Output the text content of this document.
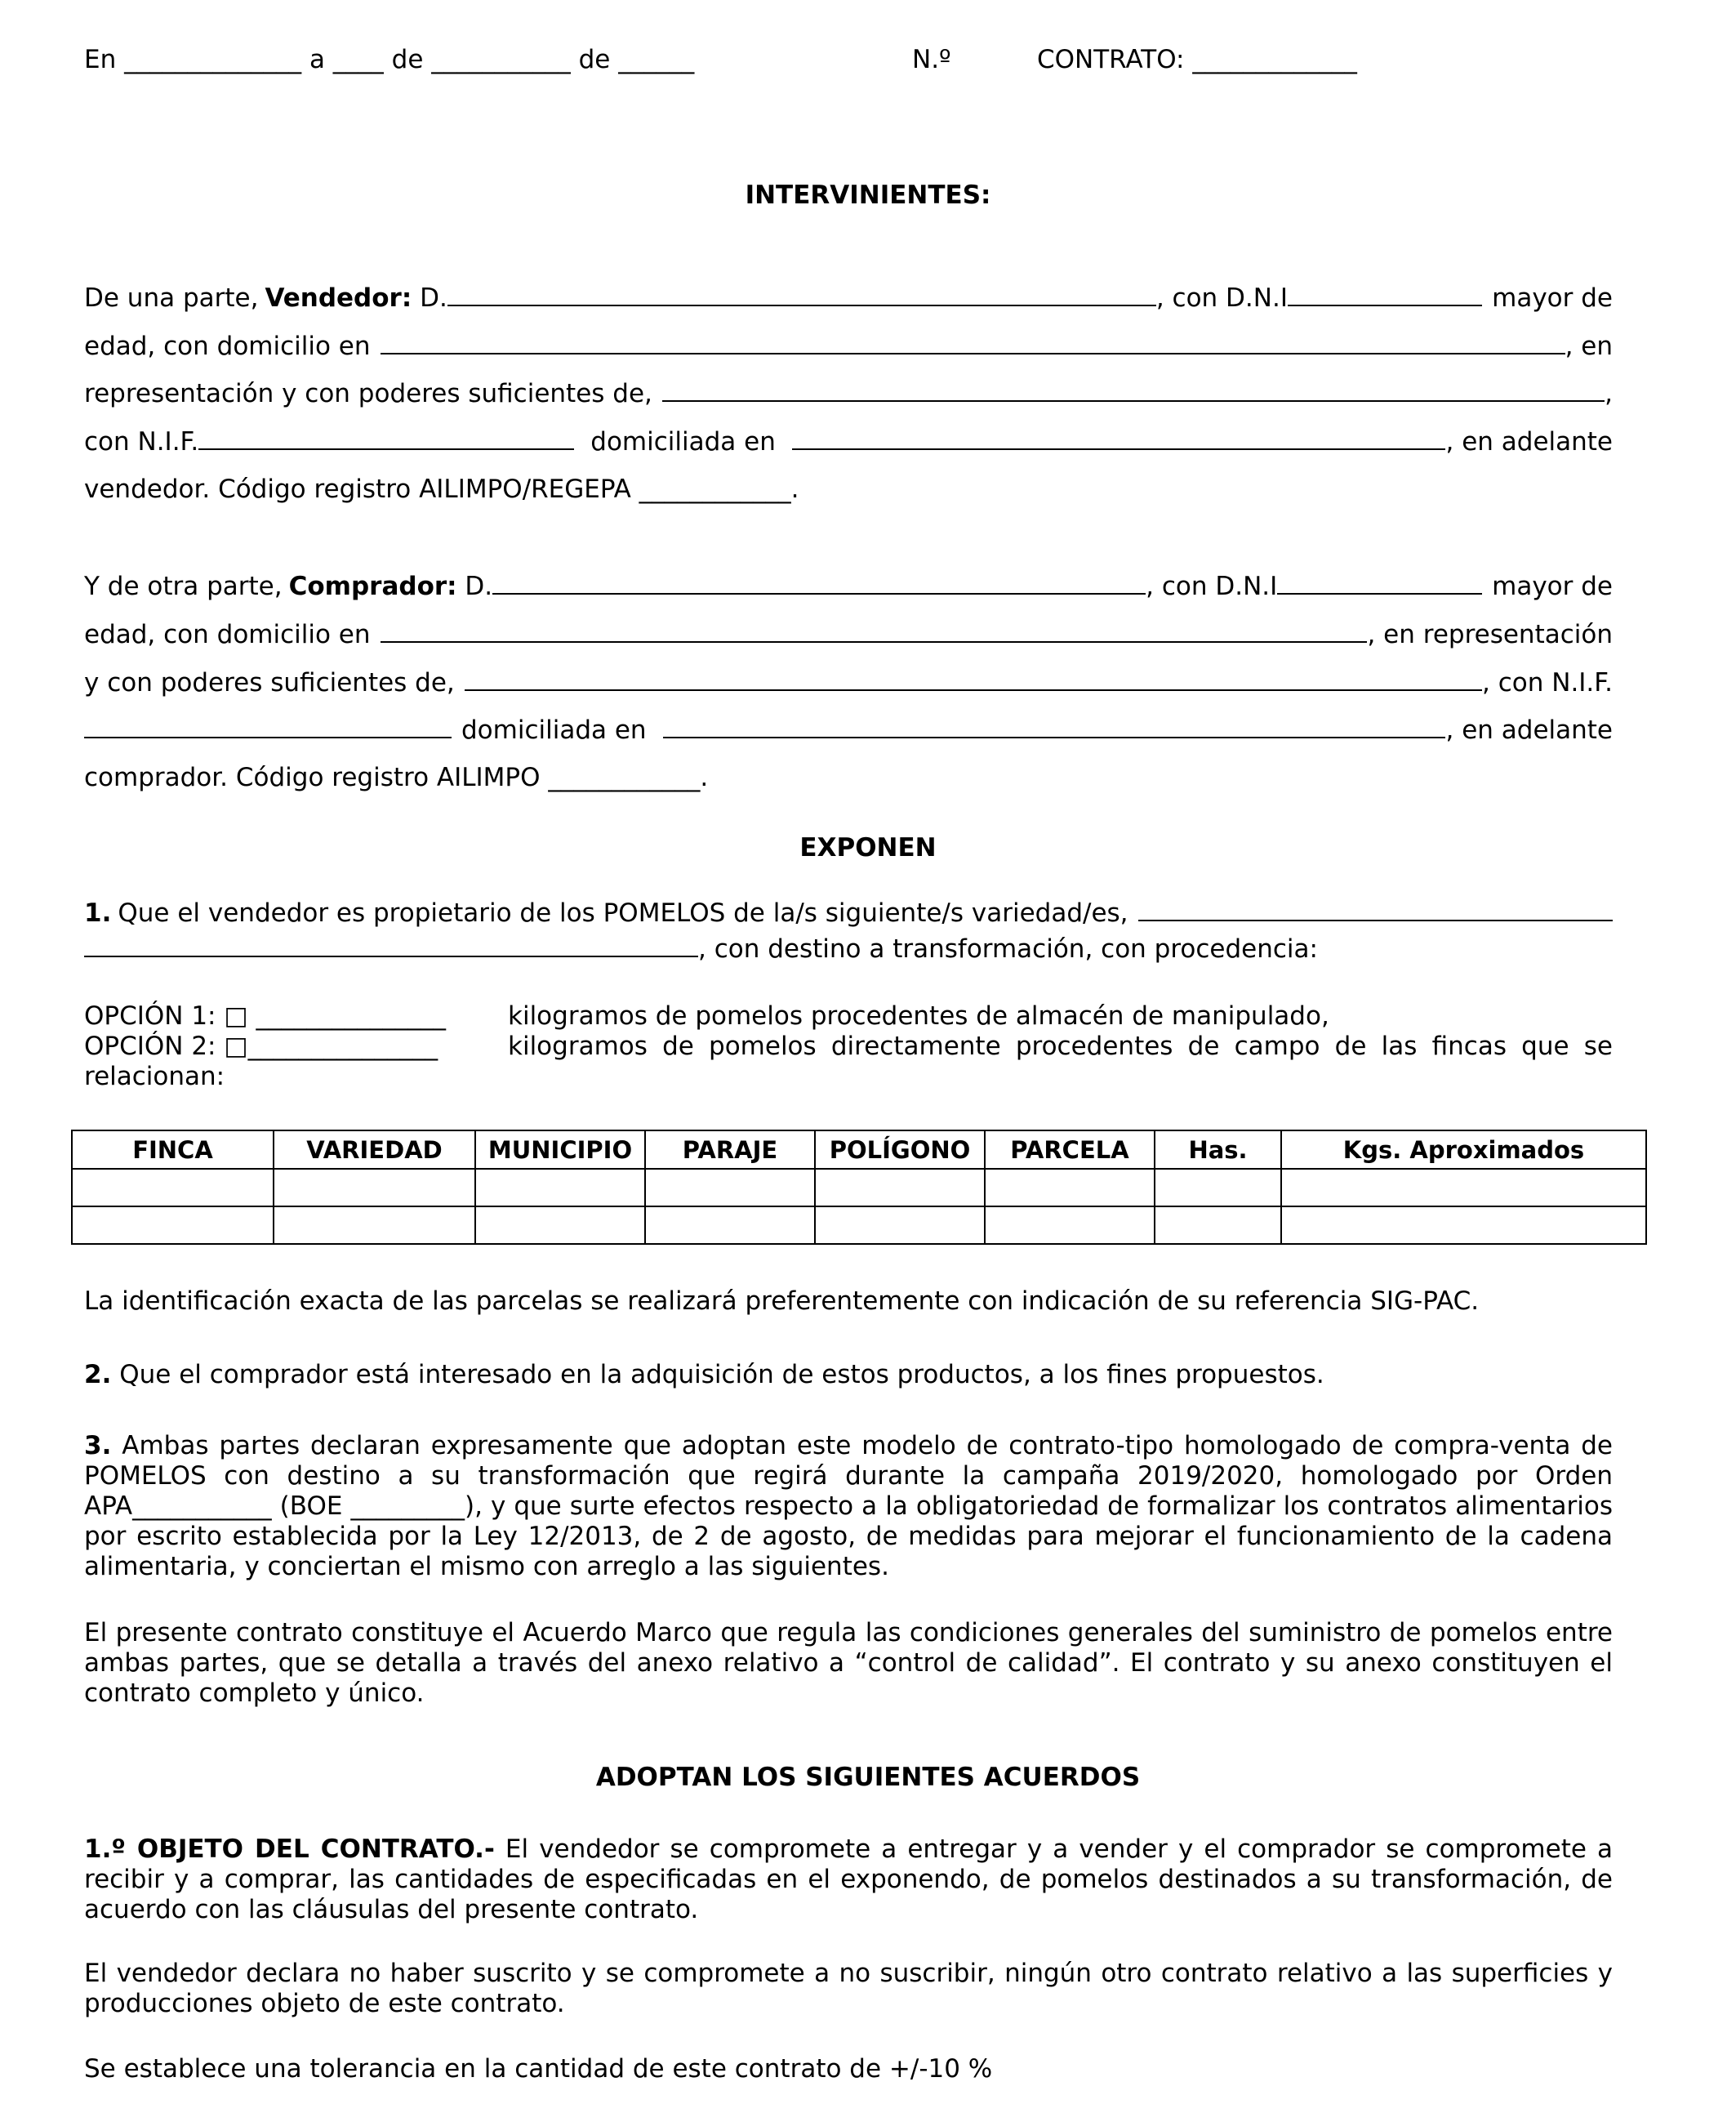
En ______________ a ____ de ___________ de ______	N.º	CONTRATO: _____________
INTERVINIENTES:
De una parte, Vendedor: D.	, con D.N.I	mayor de
edad, con domicilio en	, en
representación y con poderes suficientes de,	,
con N.I.F.	domiciliada en	, en adelante
vendedor. Código registro AILIMPO/REGEPA ____________.
Y de otra parte, Comprador: D.	, con D.N.I	mayor de
edad, con domicilio en	, en representación
y con poderes suficientes de,	, con N.I.F.
domiciliada en	, en adelante
comprador. Código registro AILIMPO ____________.
EXPONEN
1. Que el vendedor es propietario de los POMELOS de la/s siguiente/s variedad/es,
, con destino a transformación, con procedencia:
OPCIÓN 1: □ _______________ kilogramos de pomelos procedentes de almacén de manipulado,
OPCIÓN 2: □_______________	kilogramos de pomelos directamente procedentes de campo de las fincas que se
relacionan:
FINCA	VARIEDAD	MUNICIPIO	PARAJE	POLÍGONO	PARCELA	Has.	Kgs. Aproximados

La identificación exacta de las parcelas se realizará preferentemente con indicación de su referencia SIG-PAC.
2. Que el comprador está interesado en la adquisición de estos productos, a los fines propuestos.
3. Ambas partes declaran expresamente que adoptan este modelo de contrato-tipo homologado de compra-venta de POMELOS con destino a su transformación que regirá durante la campaña 2019/2020, homologado por Orden APA___________ (BOE _________), y que surte efectos respecto a la obligatoriedad de formalizar los contratos alimentarios por escrito establecida por la Ley 12/2013, de 2 de agosto, de medidas para mejorar el funcionamiento de la cadena alimentaria, y conciertan el mismo con arreglo a las siguientes.
El presente contrato constituye el Acuerdo Marco que regula las condiciones generales del suministro de pomelos entre ambas partes, que se detalla a través del anexo relativo a “control de calidad”. El contrato y su anexo constituyen el contrato completo y único.
ADOPTAN LOS SIGUIENTES ACUERDOS
1.º OBJETO DEL CONTRATO.- El vendedor se compromete a entregar y a vender y el comprador se compromete a recibir y a comprar, las cantidades de especificadas en el exponendo, de pomelos destinados a su transformación, de acuerdo con las cláusulas del presente contrato.
El vendedor declara no haber suscrito y se compromete a no suscribir, ningún otro contrato relativo a las superficies y producciones objeto de este contrato.
Se establece una tolerancia en la cantidad de este contrato de +/-10 %
